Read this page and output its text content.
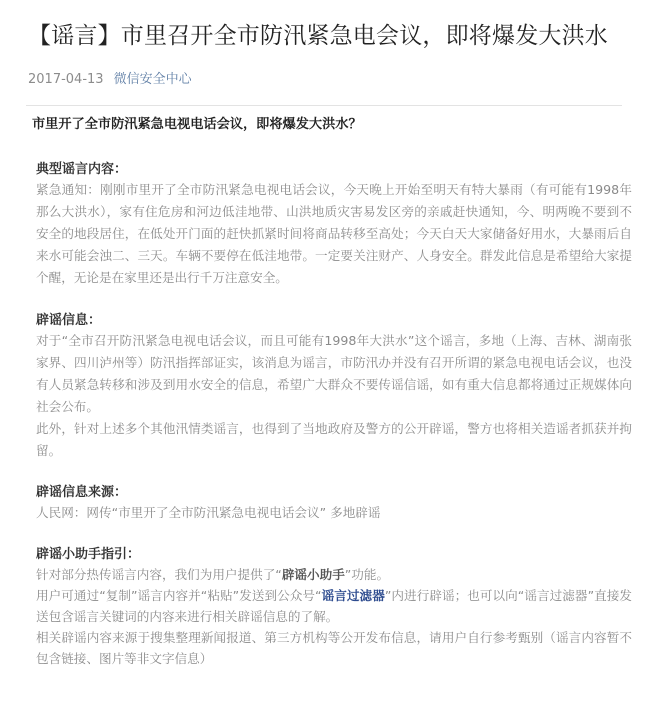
【谣言】市里召开全市防汛紧急电会议，即将爆发大洪水
2017-04-13 微信安全中心
市里开了全市防汛紧急电视电话会议，即将爆发大洪水？
典型谣言内容：

紧急通知：刚刚市里开了全市防汛紧急电视电话会议，今天晚上开始至明天有特大暴雨（有可能有1998年那么大洪水），家有住危房和河边低洼地带、山洪地质灾害易发区旁的亲戚赶快通知，今、明两晚不要到不安全的地段居住，在低处开门面的赶快抓紧时间将商品转移至高处；今天白天大家储备好用水，大暴雨后自来水可能会浊二、三天。车辆不要停在低洼地带。一定要关注财产、人身安全。群发此信息是希望给大家提个醒，无论是在家里还是出行千万注意安全。

辟谣信息：

对于“全市召开防汛紧急电视电话会议，而且可能有1998年大洪水”这个谣言，多地（上海、吉林、湖南张家界、四川泸州等）防汛指挥部证实，该消息为谣言，市防汛办并没有召开所谓的紧急电视电话会议，也没有人员紧急转移和涉及到用水安全的信息，希望广大群众不要传谣信谣，如有重大信息都将通过正规媒体向社会公布。

此外，针对上述多个其他汛情类谣言，也得到了当地政府及警方的公开辟谣，警方也将相关造谣者抓获并拘留。

辟谣信息来源：

人民网：网传“市里开了全市防汛紧急电视电话会议” 多地辟谣

辟谣小助手指引：

针对部分热传谣言内容，我们为用户提供了“辟谣小助手”功能。

用户可通过“复制”谣言内容并“粘贴”发送到公众号“谣言过滤器”内进行辟谣；也可以向“谣言过滤器”直接发送包含谣言关键词的内容来进行相关辟谣信息的了解。

相关辟谣内容来源于搜集整理新闻报道、第三方机构等公开发布信息，请用户自行参考甄别（谣言内容暂不包含链接、图片等非文字信息）
